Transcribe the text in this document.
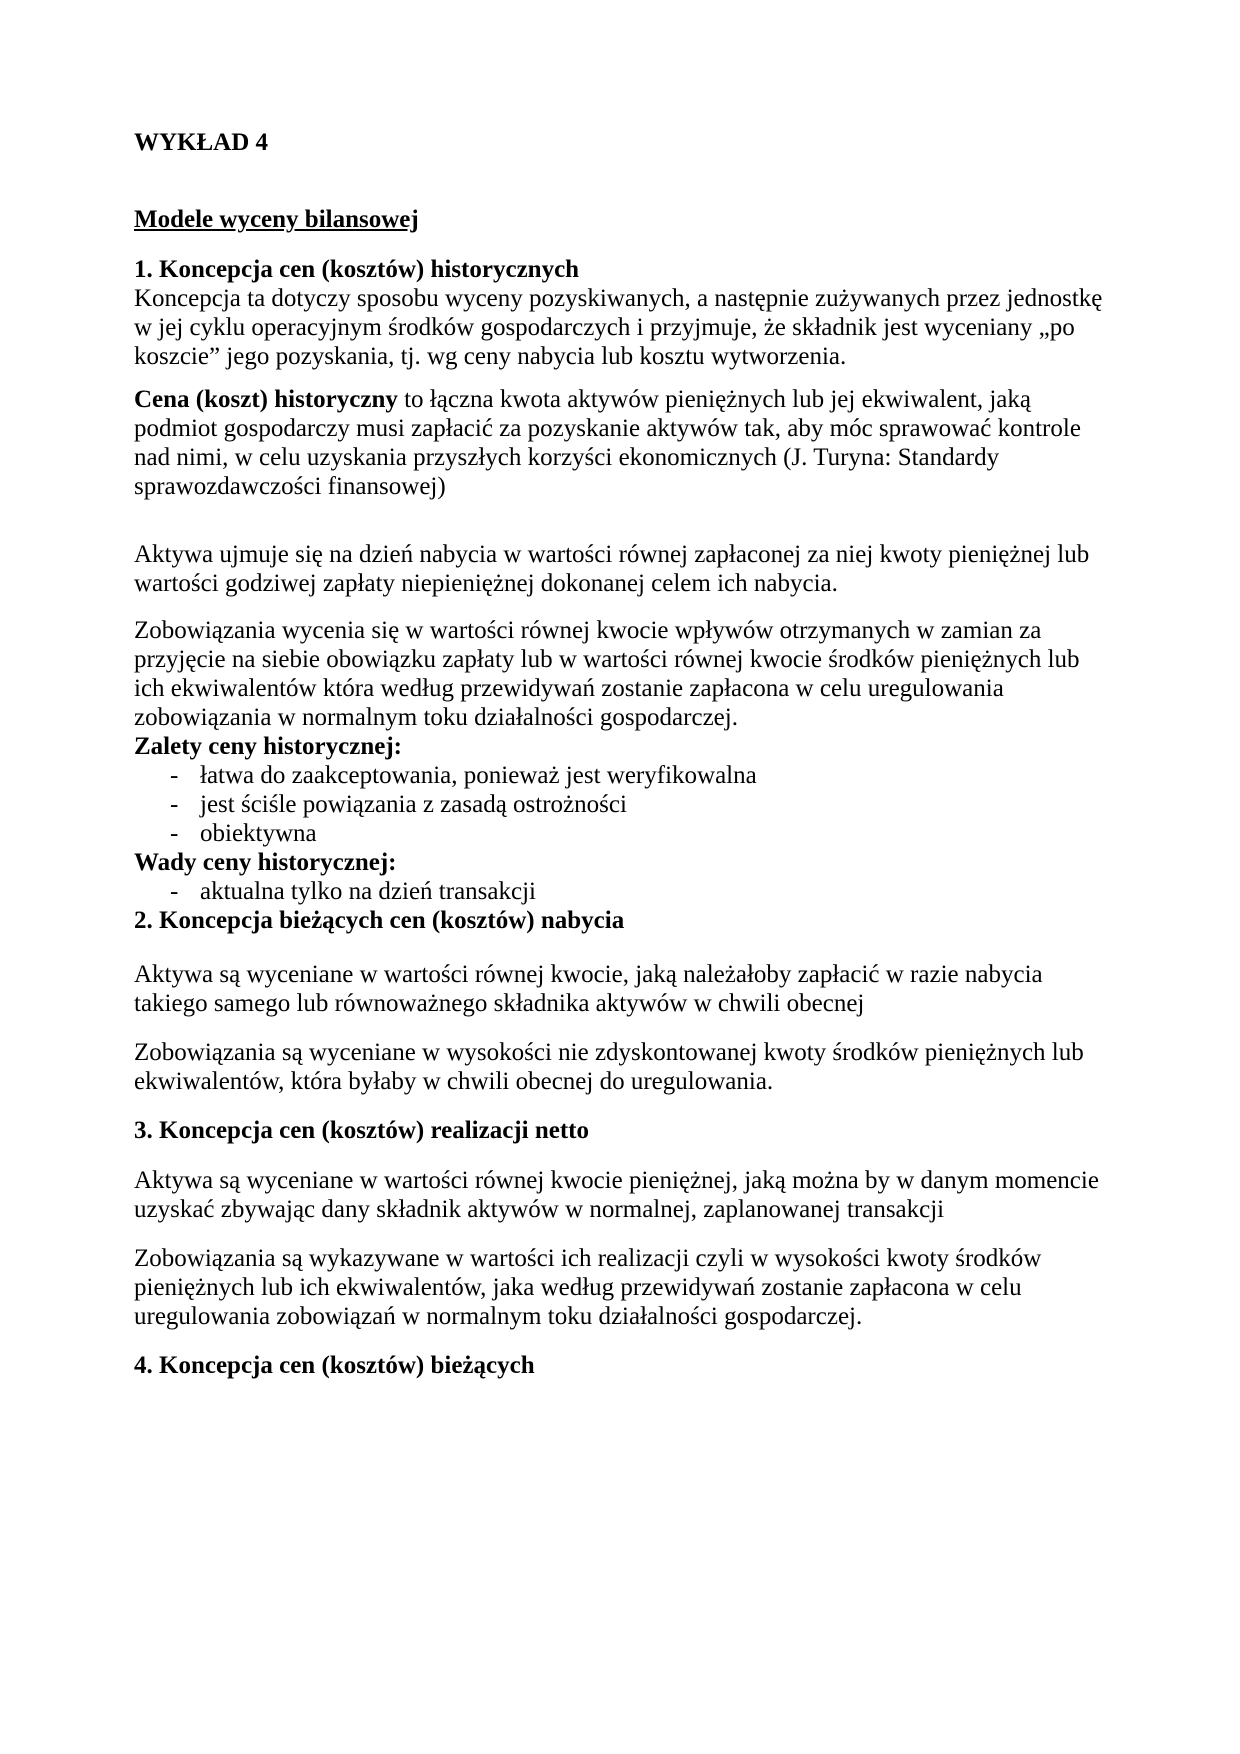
WYKŁAD 4

Modele wyceny bilansowej

1. Koncepcja cen (kosztów) historycznych

Koncepcja ta dotyczy sposobu wyceny pozyskiwanych, a następnie zużywanych przez jednostkę w jej cyklu operacyjnym środków gospodarczych i przyjmuje, że składnik jest wyceniany „po koszcie” jego pozyskania, tj. wg ceny nabycia lub kosztu wytworzenia.

Cena (koszt) historyczny to łączna kwota aktywów pieniężnych lub jej ekwiwalent, jaką podmiot gospodarczy musi zapłacić za pozyskanie aktywów tak, aby móc sprawować kontrole nad nimi, w celu uzyskania przyszłych korzyści ekonomicznych (J. Turyna: Standardy sprawozdawczości finansowej)

Aktywa ujmuje się na dzień nabycia w wartości równej zapłaconej za niej kwoty pieniężnej lub wartości godziwej zapłaty niepieniężnej dokonanej celem ich nabycia.

Zobowiązania wycenia się w wartości równej kwocie wpływów otrzymanych w zamian za przyjęcie na siebie obowiązku zapłaty lub w wartości równej kwocie środków pieniężnych lub ich ekwiwalentów która według przewidywań zostanie zapłacona w celu uregulowania zobowiązania w normalnym toku działalności gospodarczej.

Zalety ceny historycznej:

- łatwa do zaakceptowania, ponieważ jest weryfikowalna
- jest ściśle powiązania z zasadą ostrożności
- obiektywna

Wady ceny historycznej:

- aktualna tylko na dzień transakcji

2. Koncepcja bieżących cen (kosztów) nabycia

Aktywa są wyceniane w wartości równej kwocie, jaką należałoby zapłacić w razie nabycia takiego samego lub równoważnego składnika aktywów w chwili obecnej

Zobowiązania są wyceniane w wysokości nie zdyskontowanej kwoty środków pieniężnych lub ekwiwalentów, która byłaby w chwili obecnej do uregulowania.

3. Koncepcja cen (kosztów) realizacji netto

Aktywa są wyceniane w wartości równej kwocie pieniężnej, jaką można by w danym momencie uzyskać zbywając dany składnik aktywów w normalnej, zaplanowanej transakcji

Zobowiązania są wykazywane w wartości ich realizacji czyli w wysokości kwoty środków pieniężnych lub ich ekwiwalentów, jaka według przewidywań zostanie zapłacona w celu uregulowania zobowiązań w normalnym toku działalności gospodarczej.

4. Koncepcja cen (kosztów) bieżących
